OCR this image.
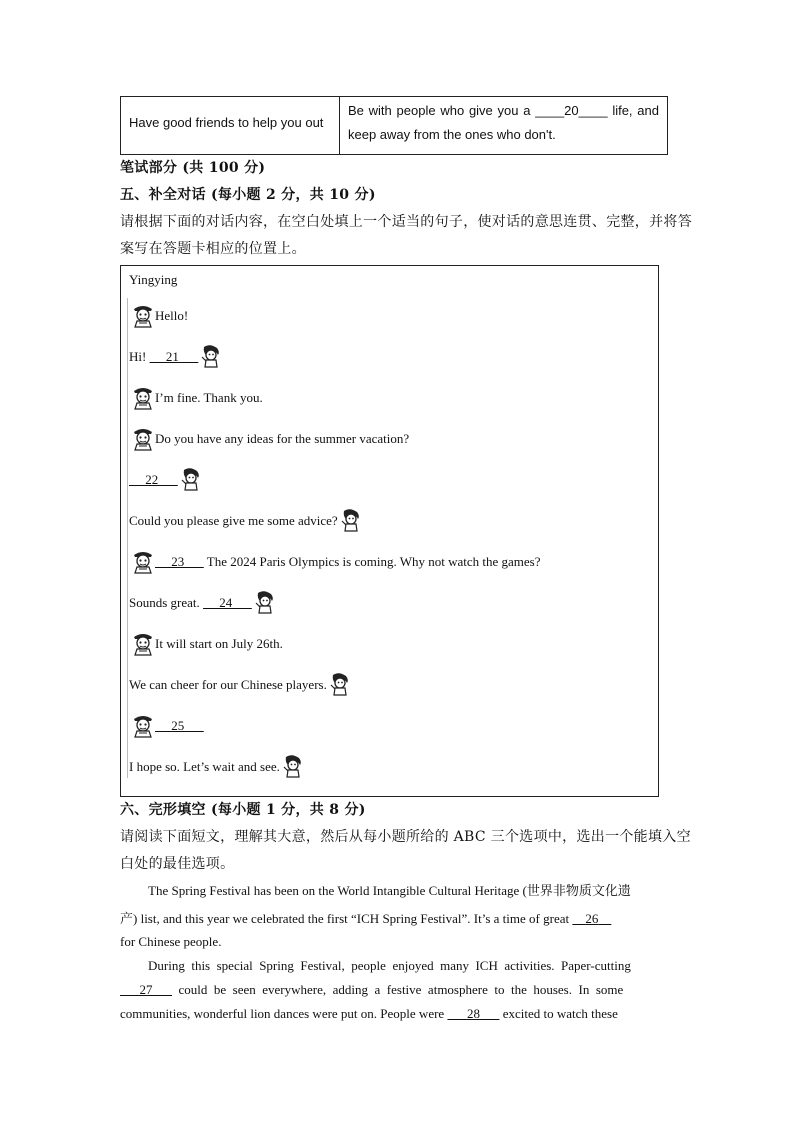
Have good friends to help you out
Be with people who give you a ____20____ life, and
keep away from the ones who don't.
笔试部分 (共 100 分)
五、补全对话 (每小题 2 分，共 10 分)
请根据下面的对话内容，在空白处填上一个适当的句子，使对话的意思连贯、完整，并将答
案写在答题卡相应的位置上。
Yingying
Hello!
Hi!      21
I’m fine. Thank you.
Do you have any ideas for the summer vacation?
22
Could you please give me some advice?
23       The 2024 Paris Olympics is coming. Why not watch the games?
Sounds great.      24
It will start on July 26th.
We can cheer for our Chinese players.
25
I hope so. Let’s wait and see.
六、完形填空 (每小题 1 分，共 8 分)
请阅读下面短文，理解其大意，然后从每小题所给的 ABC 三个选项中，选出一个能填入空
白处的最佳选项。
The Spring Festival has been on the World Intangible Cultural Heritage (世界非物质文化遗
产) list, and this year we celebrated the first “ICH Spring Festival”. It’s a time of great     26
for Chinese people.
During  this  special  Spring  Festival,  people  enjoyed  many  ICH  activities.  Paper-cutting
27        could  be  seen  everywhere,  adding  a  festive  atmosphere  to  the  houses.  In  some
communities, wonderful lion dances were put on. People were       28       excited to watch these
